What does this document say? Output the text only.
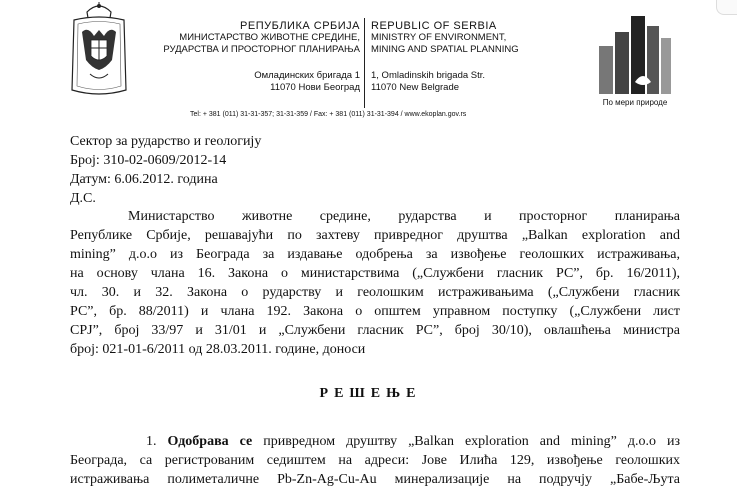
РЕПУБЛИКА СРБИЈА
МИНИСТАРСТВО ЖИВОТНЕ СРЕДИНЕ,
РУДАРСТВА И ПРОСТОРНОГ ПЛАНИРАЊА
Омладинских бригада 1
11070 Нови Београд
REPUBLIC OF SERBIA
MINISTRY OF ENVIRONMENT,
MINING AND SPATIAL PLANNING
1, Omladinskih brigada Str.
11070 New Belgrade
Tel: + 381 (011) 31-31-357; 31-31-359 / Fax: + 381 (011) 31-31-394 / www.ekoplan.gov.rs
По мери природе
Сектор за рударство и геологију
Број: 310-02-0609/2012-14
Датум: 6.06.2012. година
Д.С.
Министарство животне средине, рударства и просторног планирања
Републике Србије, решавајући по захтеву привредног друштва „Balkan exploration and
mining” д.о.о из Београда за издавање одобрења за извођење геолошких истраживања,
на основу члана 16. Закона о министарствима („Службени гласник РС”, бр. 16/2011),
чл. 30. и 32. Закона о рударству и геолошким истраживањима („Службени гласник
РС”, бр. 88/2011) и члана 192. Закона о општем управном поступку („Службени лист
СРЈ”, број 33/97 и 31/01 и „Службени гласник РС”, број 30/10), овлашћења министра
број: 021-01-6/2011 од 28.03.2011. године, доноси
РЕШЕЊЕ
1. Одобрава се привредном друштву „Balkan exploration and mining” д.о.о из
Београда, са регистрованим седиштем на адреси: Јове Илића 129, извођење геолошких
истраживања полиметаличне Pb-Zn-Ag-Cu-Au минерализације на подручју „Бабе-Љута
